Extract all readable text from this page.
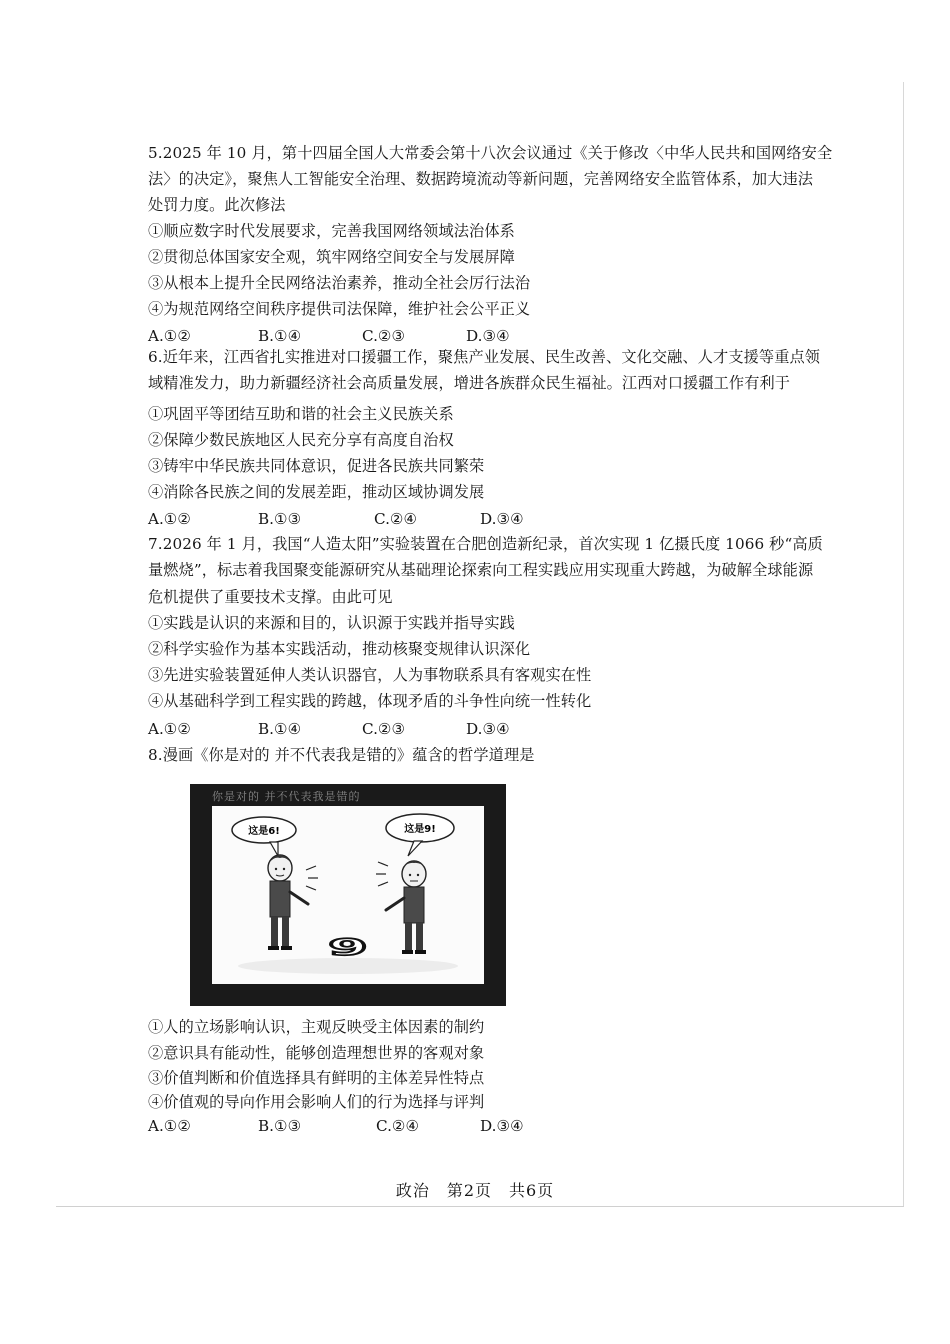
5.2025 年 10 月，第十四届全国人大常委会第十八次会议通过《关于修改〈中华人民共和国网络安全
法〉的决定》，聚焦人工智能安全治理、数据跨境流动等新问题，完善网络安全监管体系，加大违法
处罚力度。此次修法
①顺应数字时代发展要求，完善我国网络领域法治体系
②贯彻总体国家安全观，筑牢网络空间安全与发展屏障
③从根本上提升全民网络法治素养，推动全社会厉行法治
④为规范网络空间秩序提供司法保障，维护社会公平正义
A.①②	B.①④	C.②③	D.③④
6.近年来，江西省扎实推进对口援疆工作，聚焦产业发展、民生改善、文化交融、人才支援等重点领
域精准发力，助力新疆经济社会高质量发展，增进各族群众民生福祉。江西对口援疆工作有利于
①巩固平等团结互助和谐的社会主义民族关系
②保障少数民族地区人民充分享有高度自治权
③铸牢中华民族共同体意识，促进各民族共同繁荣
④消除各民族之间的发展差距，推动区域协调发展
A.①②	B.①③	C.②④	D.③④
7.2026 年 1 月，我国“人造太阳”实验装置在合肥创造新纪录，首次实现 1 亿摄氏度 1066 秒“高质
量燃烧”，标志着我国聚变能源研究从基础理论探索向工程实践应用实现重大跨越，为破解全球能源
危机提供了重要技术支撑。由此可见
①实践是认识的来源和目的，认识源于实践并指导实践
②科学实验作为基本实践活动，推动核聚变规律认识深化
③先进实验装置延伸人类认识器官，人为事物联系具有客观实在性
④从基础科学到工程实践的跨越，体现矛盾的斗争性向统一性转化
A.①②	B.①④	C.②③	D.③④
8.漫画《你是对的 并不代表我是错的》蕴含的哲学道理是
你是对的 并不代表我是错的
这是6!	这是9!
9
①人的立场影响认识，主观反映受主体因素的制约
②意识具有能动性，能够创造理想世界的客观对象
③价值判断和价值选择具有鲜明的主体差异性特点
④价值观的导向作用会影响人们的行为选择与评判
A.①②	B.①③	C.②④	D.③④
政治　第2页　共6页
